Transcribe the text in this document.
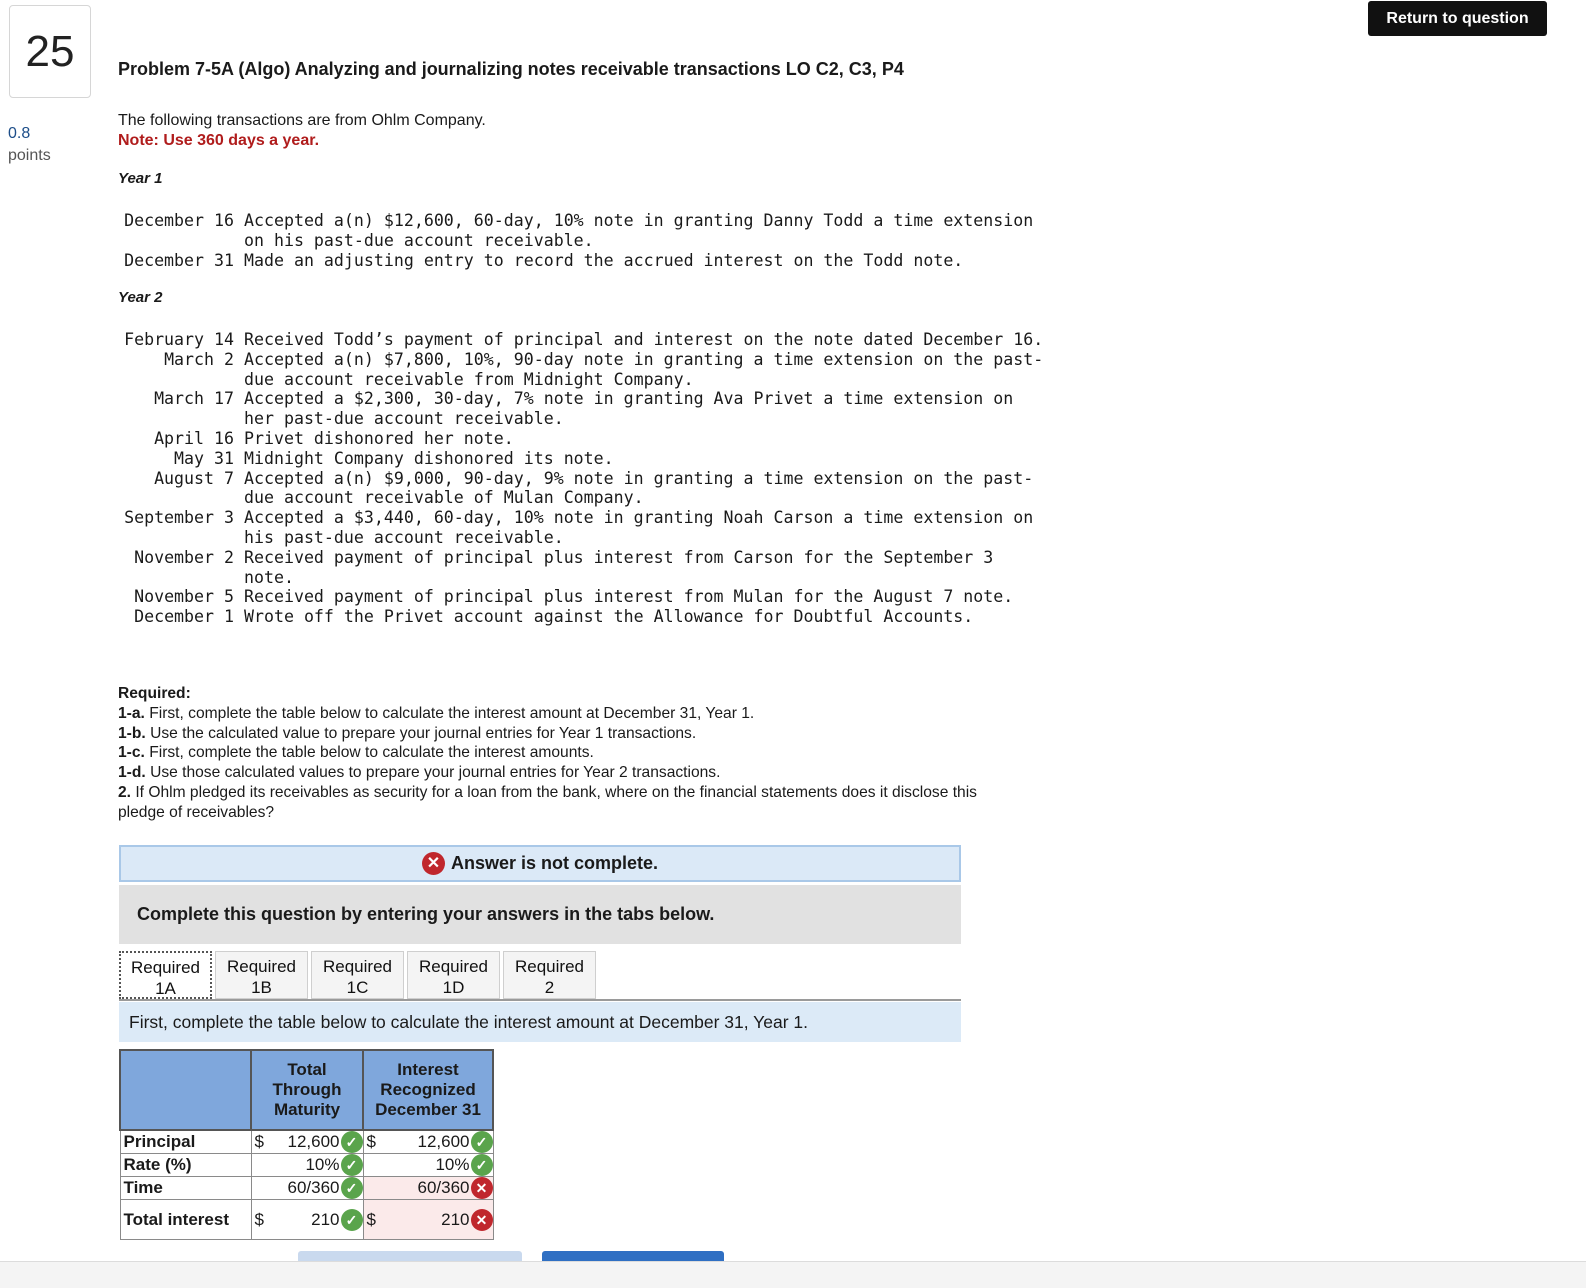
25
0.8
points
Return to question
Problem 7-5A (Algo) Analyzing and journalizing notes receivable transactions LO C2, C3, P4
The following transactions are from Ohlm Company.
Note: Use 360 days a year.
Year 1
December 16 Accepted a(n) $12,600, 60-day, 10% note in granting Danny Todd a time extension on his past-due account receivable.
December 31 Made an adjusting entry to record the accrued interest on the Todd note.
Year 2
February 14 Received Todd’s payment of principal and interest on the note dated December 16.
March 2 Accepted a(n) $7,800, 10%, 90-day note in granting a time extension on the past-due account receivable from Midnight Company.
March 17 Accepted a $2,300, 30-day, 7% note in granting Ava Privet a time extension on her past-due account receivable.
April 16 Privet dishonored her note.
May 31 Midnight Company dishonored its note.
August 7 Accepted a(n) $9,000, 90-day, 9% note in granting a time extension on the past-due account receivable of Mulan Company.
September 3 Accepted a $3,440, 60-day, 10% note in granting Noah Carson a time extension on his past-due account receivable.
November 2 Received payment of principal plus interest from Carson for the September 3 note.
November 5 Received payment of principal plus interest from Mulan for the August 7 note.
December 1 Wrote off the Privet account against the Allowance for Doubtful Accounts.
Required:
1-a. First, complete the table below to calculate the interest amount at December 31, Year 1.
1-b. Use the calculated value to prepare your journal entries for Year 1 transactions.
1-c. First, complete the table below to calculate the interest amounts.
1-d. Use those calculated values to prepare your journal entries for Year 2 transactions.
2. If Ohlm pledged its receivables as security for a loan from the bank, where on the financial statements does it disclose this pledge of receivables?
✕ Answer is not complete.
Complete this question by entering your answers in the tabs below.
Required
1A
Required
1B
Required
1C
Required
1D
Required
2
First, complete the table below to calculate the interest amount at December 31, Year 1.
	Total Through Maturity	Interest Recognized December 31
Principal	$ 12,600 ✓	$ 12,600 ✓

Rate (%)	10% ✓	10% ✓

Time	60/360 ✓	60/360 ✕

Total interest	$ 210 ✓	$ 210 ✕
